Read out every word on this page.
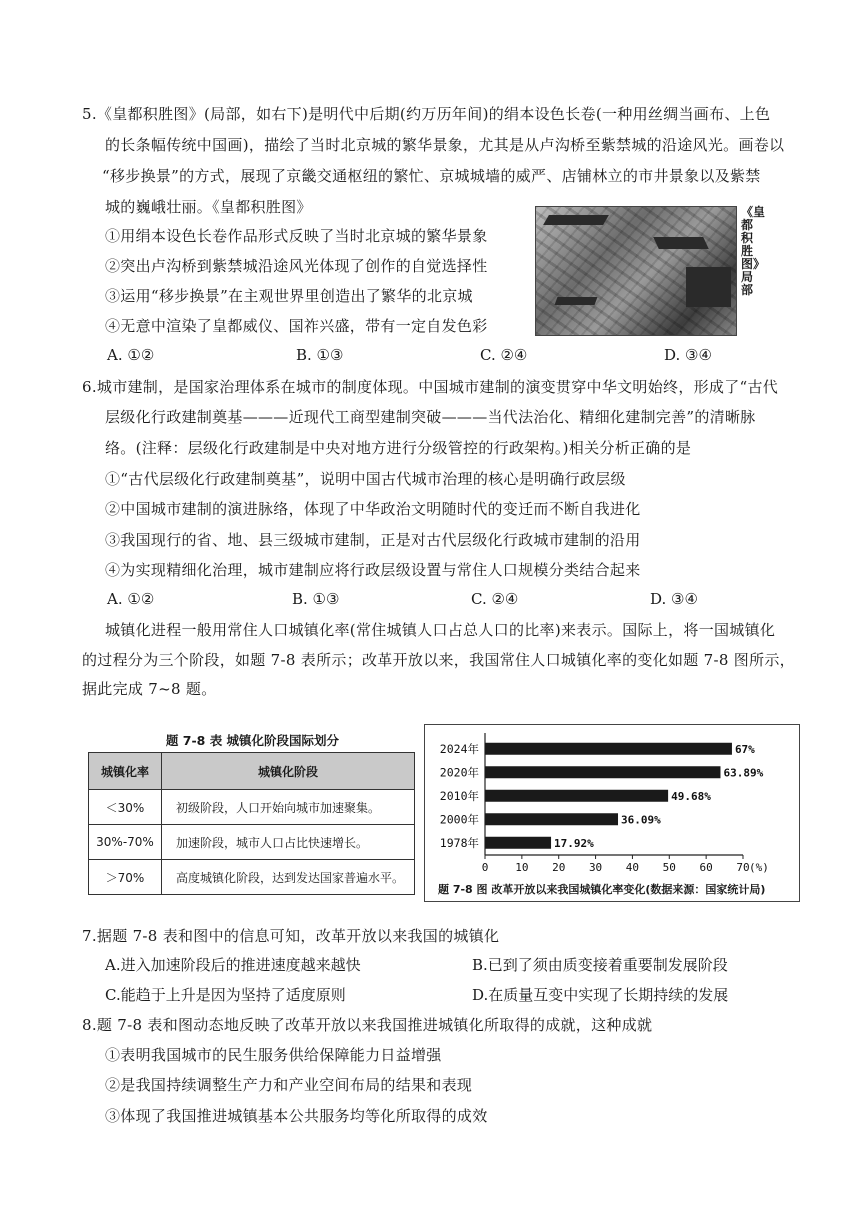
5.《皇都积胜图》(局部，如右下)是明代中后期(约万历年间)的绢本设色长卷(一种用丝绸当画布、上色
的长条幅传统中国画)，描绘了当时北京城的繁华景象，尤其是从卢沟桥至紫禁城的沿途风光。画卷以
“移步换景”的方式，展现了京畿交通枢纽的繁忙、京城城墙的威严、店铺林立的市井景象以及紫禁
城的巍峨壮丽。《皇都积胜图》
①用绢本设色长卷作品形式反映了当时北京城的繁华景象
②突出卢沟桥到紫禁城沿途风光体现了创作的自觉选择性
③运用“移步换景”在主观世界里创造出了繁华的北京城
④无意中渲染了皇都威仪、国祚兴盛，带有一定自发色彩
《皇都积胜图》局部
A. ①②	B. ①③	C. ②④	D. ③④
6.城市建制，是国家治理体系在城市的制度体现。中国城市建制的演变贯穿中华文明始终，形成了“古代
层级化行政建制奠基———近现代工商型建制突破———当代法治化、精细化建制完善”的清晰脉
络。(注释：层级化行政建制是中央对地方进行分级管控的行政架构。)相关分析正确的是
①“古代层级化行政建制奠基”，说明中国古代城市治理的核心是明确行政层级
②中国城市建制的演进脉络，体现了中华政治文明随时代的变迁而不断自我进化
③我国现行的省、地、县三级城市建制，正是对古代层级化行政城市建制的沿用
④为实现精细化治理，城市建制应将行政层级设置与常住人口规模分类结合起来
A. ①②	B. ①③	C. ②④	D. ③④
城镇化进程一般用常住人口城镇化率(常住城镇人口占总人口的比率)来表示。国际上，将一国城镇化
的过程分为三个阶段，如题 7-8 表所示；改革开放以来，我国常住人口城镇化率的变化如题 7-8 图所示，
据此完成 7~8 题。
题 7-8 表 城镇化阶段国际划分
城镇化率	城镇化阶段
＜30%	初级阶段，人口开始向城市加速聚集。
30%-70%	加速阶段，城市人口占比快速增长。
＞70%	高度城镇化阶段，达到发达国家普遍水平。
2024年	67%
2020年	63.89%
2010年	49.68%
2000年	36.09%
1978年	17.92%
0 10 20 30 40 50 60 70 (%)
题 7-8 图 改革开放以来我国城镇化率变化(数据来源：国家统计局)
7.据题 7-8 表和图中的信息可知，改革开放以来我国的城镇化
A.进入加速阶段后的推进速度越来越快	B.已到了须由质变接着重要制发展阶段
C.能趋于上升是因为坚持了适度原则	D.在质量互变中实现了长期持续的发展
8.题 7-8 表和图动态地反映了改革开放以来我国推进城镇化所取得的成就，这种成就
①表明我国城市的民生服务供给保障能力日益增强
②是我国持续调整生产力和产业空间布局的结果和表现
③体现了我国推进城镇基本公共服务均等化所取得的成效
